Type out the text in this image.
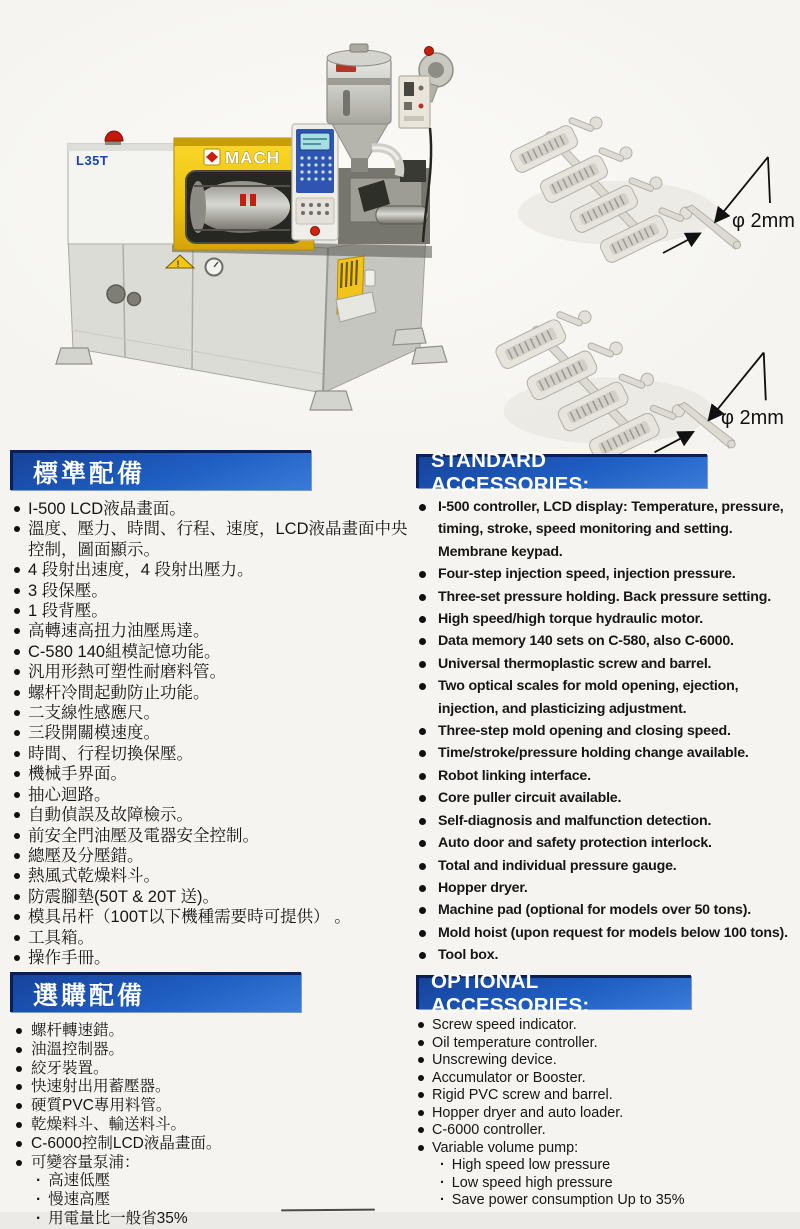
!
L35T	MACH
φ 2mm
φ 2mm
標準配備
I-500 LCD液晶畫面。
溫度、壓力、時間、行程、速度，LCD液晶畫面中央控制，圖面顯示。
4 段射出速度，4 段射出壓力。
3 段保壓。
1 段背壓。
高轉速高扭力油壓馬達。
C-580 140組模記憶功能。
汎用形熱可塑性耐磨料管。
螺杆冷間起動防止功能。
二支線性感應尺。
三段開關模速度。
時間、行程切換保壓。
機械手界面。
抽心迴路。
自動偵誤及故障檢示。
前安全門油壓及電器安全控制。
總壓及分壓錯。
熱風式乾燥料斗。
防震腳墊(50T & 20T 送)。
模具吊杆（100T以下機種需要時可提供） 。
工具箱。
操作手冊。
STANDARD ACCESSORIES:
I-500 controller, LCD display: Temperature, pressure, timing, stroke, speed monitoring and setting. Membrane keypad.
Four-step injection speed, injection pressure.
Three-set pressure holding. Back pressure setting.
High speed/high torque hydraulic motor.
Data memory 140 sets on C-580, also C-6000.
Universal thermoplastic screw and barrel.
Two optical scales for mold opening, ejection, injection, and plasticizing adjustment.
Three-step mold opening and closing speed.
Time/stroke/pressure holding change available.
Robot linking interface.
Core puller circuit available.
Self-diagnosis and malfunction detection.
Auto door and safety protection interlock.
Total and individual pressure gauge.
Hopper dryer.
Machine pad (optional for models over 50 tons).
Mold hoist (upon request for models below 100 tons).
Tool box.
選購配備
螺杆轉速錯。
油溫控制器。
絞牙裝置。
快速射出用蓄壓器。
硬質PVC專用料管。
乾燥料斗、輸送料斗。
C-6000控制LCD液晶畫面。
可變容量泵浦：
· 高速低壓
· 慢速高壓
· 用電量比一般省35%
OPTIONAL ACCESSORIES:
Screw speed indicator.
Oil temperature controller.
Unscrewing device.
Accumulator or Booster.
Rigid PVC screw and barrel.
Hopper dryer and auto loader.
C-6000 controller.
Variable volume pump:
· High speed low pressure
· Low speed high pressure
· Save power consumption Up to 35%
